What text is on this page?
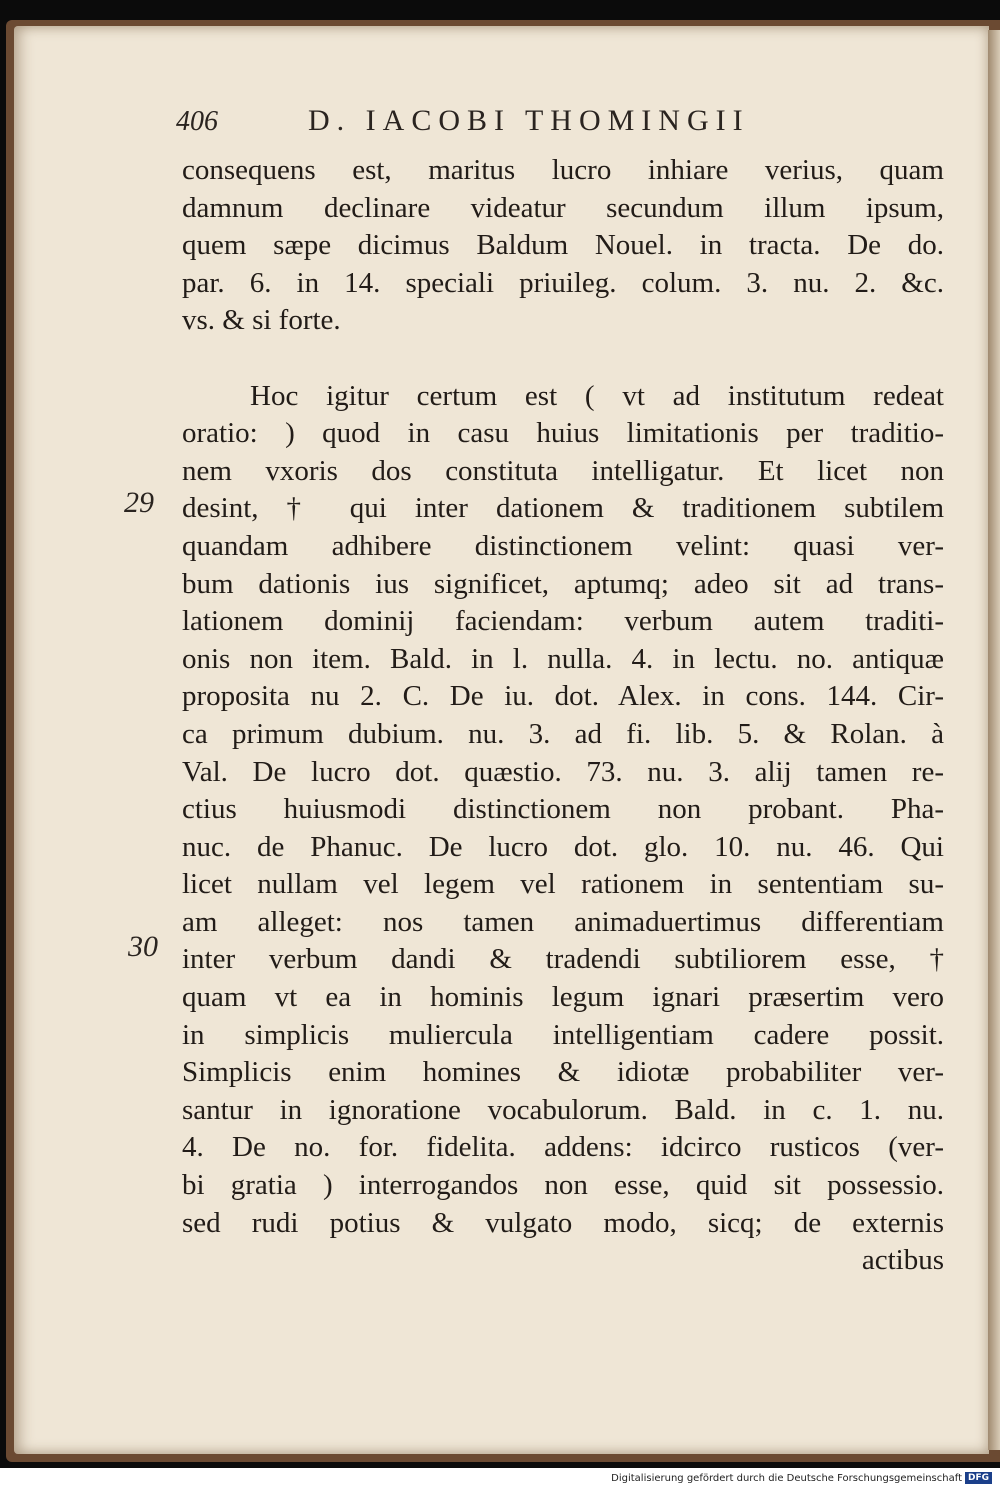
406	D. IACOBI THOMINGII
29
30
consequens est, maritus lucro inhiare verius, quam
damnum declinare videatur secundum illum ipsum,
quem sæpe dicimus Baldum Nouel. in tracta. De do.
par. 6. in 14. speciali priuileg. colum. 3. nu. 2. &c.
vs. & si forte.
Hoc igitur certum est ( vt ad institutum redeat
oratio: ) quod in casu huius limitationis per traditio-
nem vxoris dos constituta intelligatur. Et licet non
desint, † qui inter dationem & traditionem subtilem
quandam adhibere distinctionem velint: quasi ver-
bum dationis ius significet, aptumq; adeo sit ad trans-
lationem dominij faciendam: verbum autem traditi-
onis non item. Bald. in l. nulla. 4. in lectu. no. antiquæ
proposita nu 2. C. De iu. dot. Alex. in cons. 144. Cir-
ca primum dubium. nu. 3. ad fi. lib. 5. & Rolan. à
Val. De lucro dot. quæstio. 73. nu. 3. alij tamen re-
ctius huiusmodi distinctionem non probant. Pha-
nuc. de Phanuc. De lucro dot. glo. 10. nu. 46. Qui
licet nullam vel legem vel rationem in sententiam su-
am alleget: nos tamen animaduertimus differentiam
inter verbum dandi & tradendi subtiliorem esse, †
quam vt ea in hominis legum ignari præsertim vero
in simplicis muliercula intelligentiam cadere possit.
Simplicis enim homines & idiotæ probabiliter ver-
santur in ignoratione vocabulorum. Bald. in c. 1. nu.
4. De no. for. fidelita. addens: idcirco rusticos (ver-
bi gratia ) interrogandos non esse, quid sit possessio.
sed rudi potius & vulgato modo, sicq; de externis
actibus
Digitalisierung gefördert durch die Deutsche Forschungsgemeinschaft DFG
